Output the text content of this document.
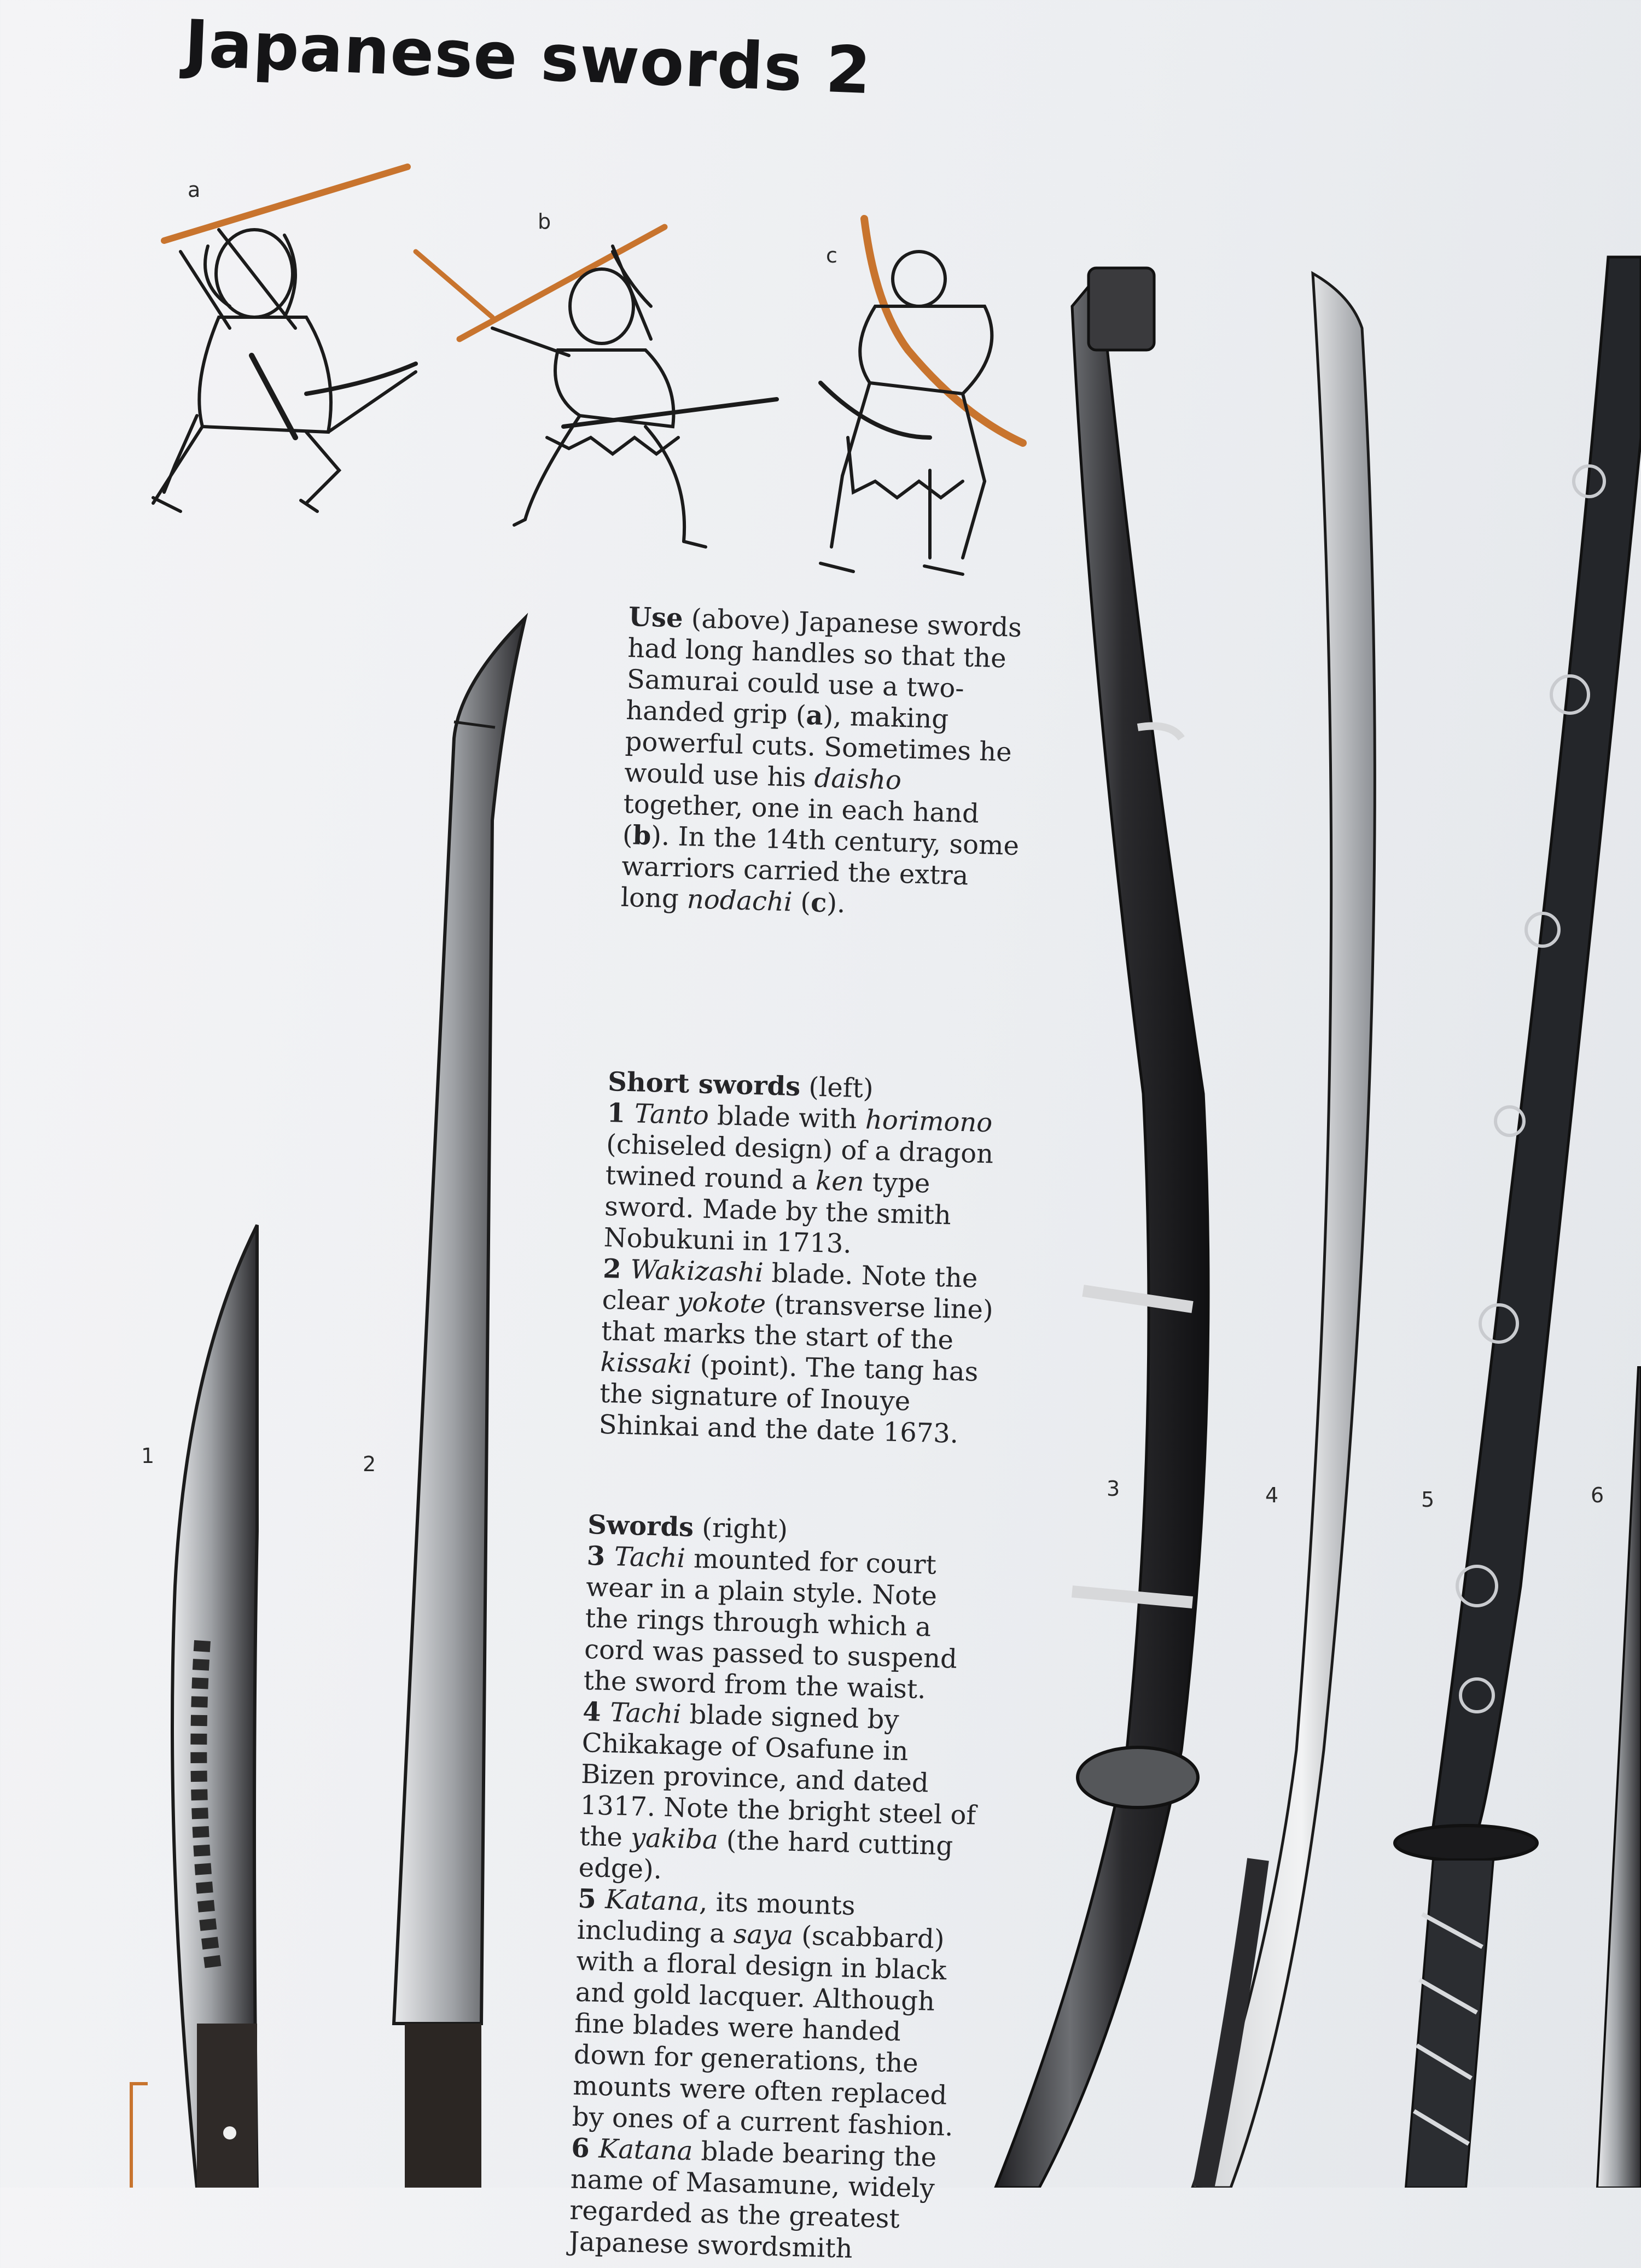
Japanese swords 2
a
b
c
1	2
3	4	5	6

Use (above) Japanese swords had long handles so that the Samurai could use a two-handed grip (a), making powerful cuts. Sometimes he would use his daisho together, one in each hand (b). In the 14th century, some warriors carried the extra long nodachi (c).

Short swords (left)

1 Tanto blade with horimono (chiseled design) of a dragon twined round a ken type sword. Made by the smith Nobukuni in 1713.

2 Wakizashi blade. Note the clear yokote (transverse line) that marks the start of the kissaki (point). The tang has the signature of Inouye Shinkai and the date 1673.

Swords (right)

3 Tachi mounted for court wear in a plain style. Note the rings through which a cord was passed to suspend the sword from the waist.

4 Tachi blade signed by Chikakage of Osafune in Bizen province, and dated 1317. Note the bright steel of the yakiba (the hard cutting edge).

5 Katana, its mounts including a saya (scabbard) with a floral design in black and gold lacquer. Although fine blades were handed down for generations, the mounts were often replaced by ones of a current fashion.

6 Katana blade bearing the name of Masamune, widely regarded as the greatest Japanese swordsmith
